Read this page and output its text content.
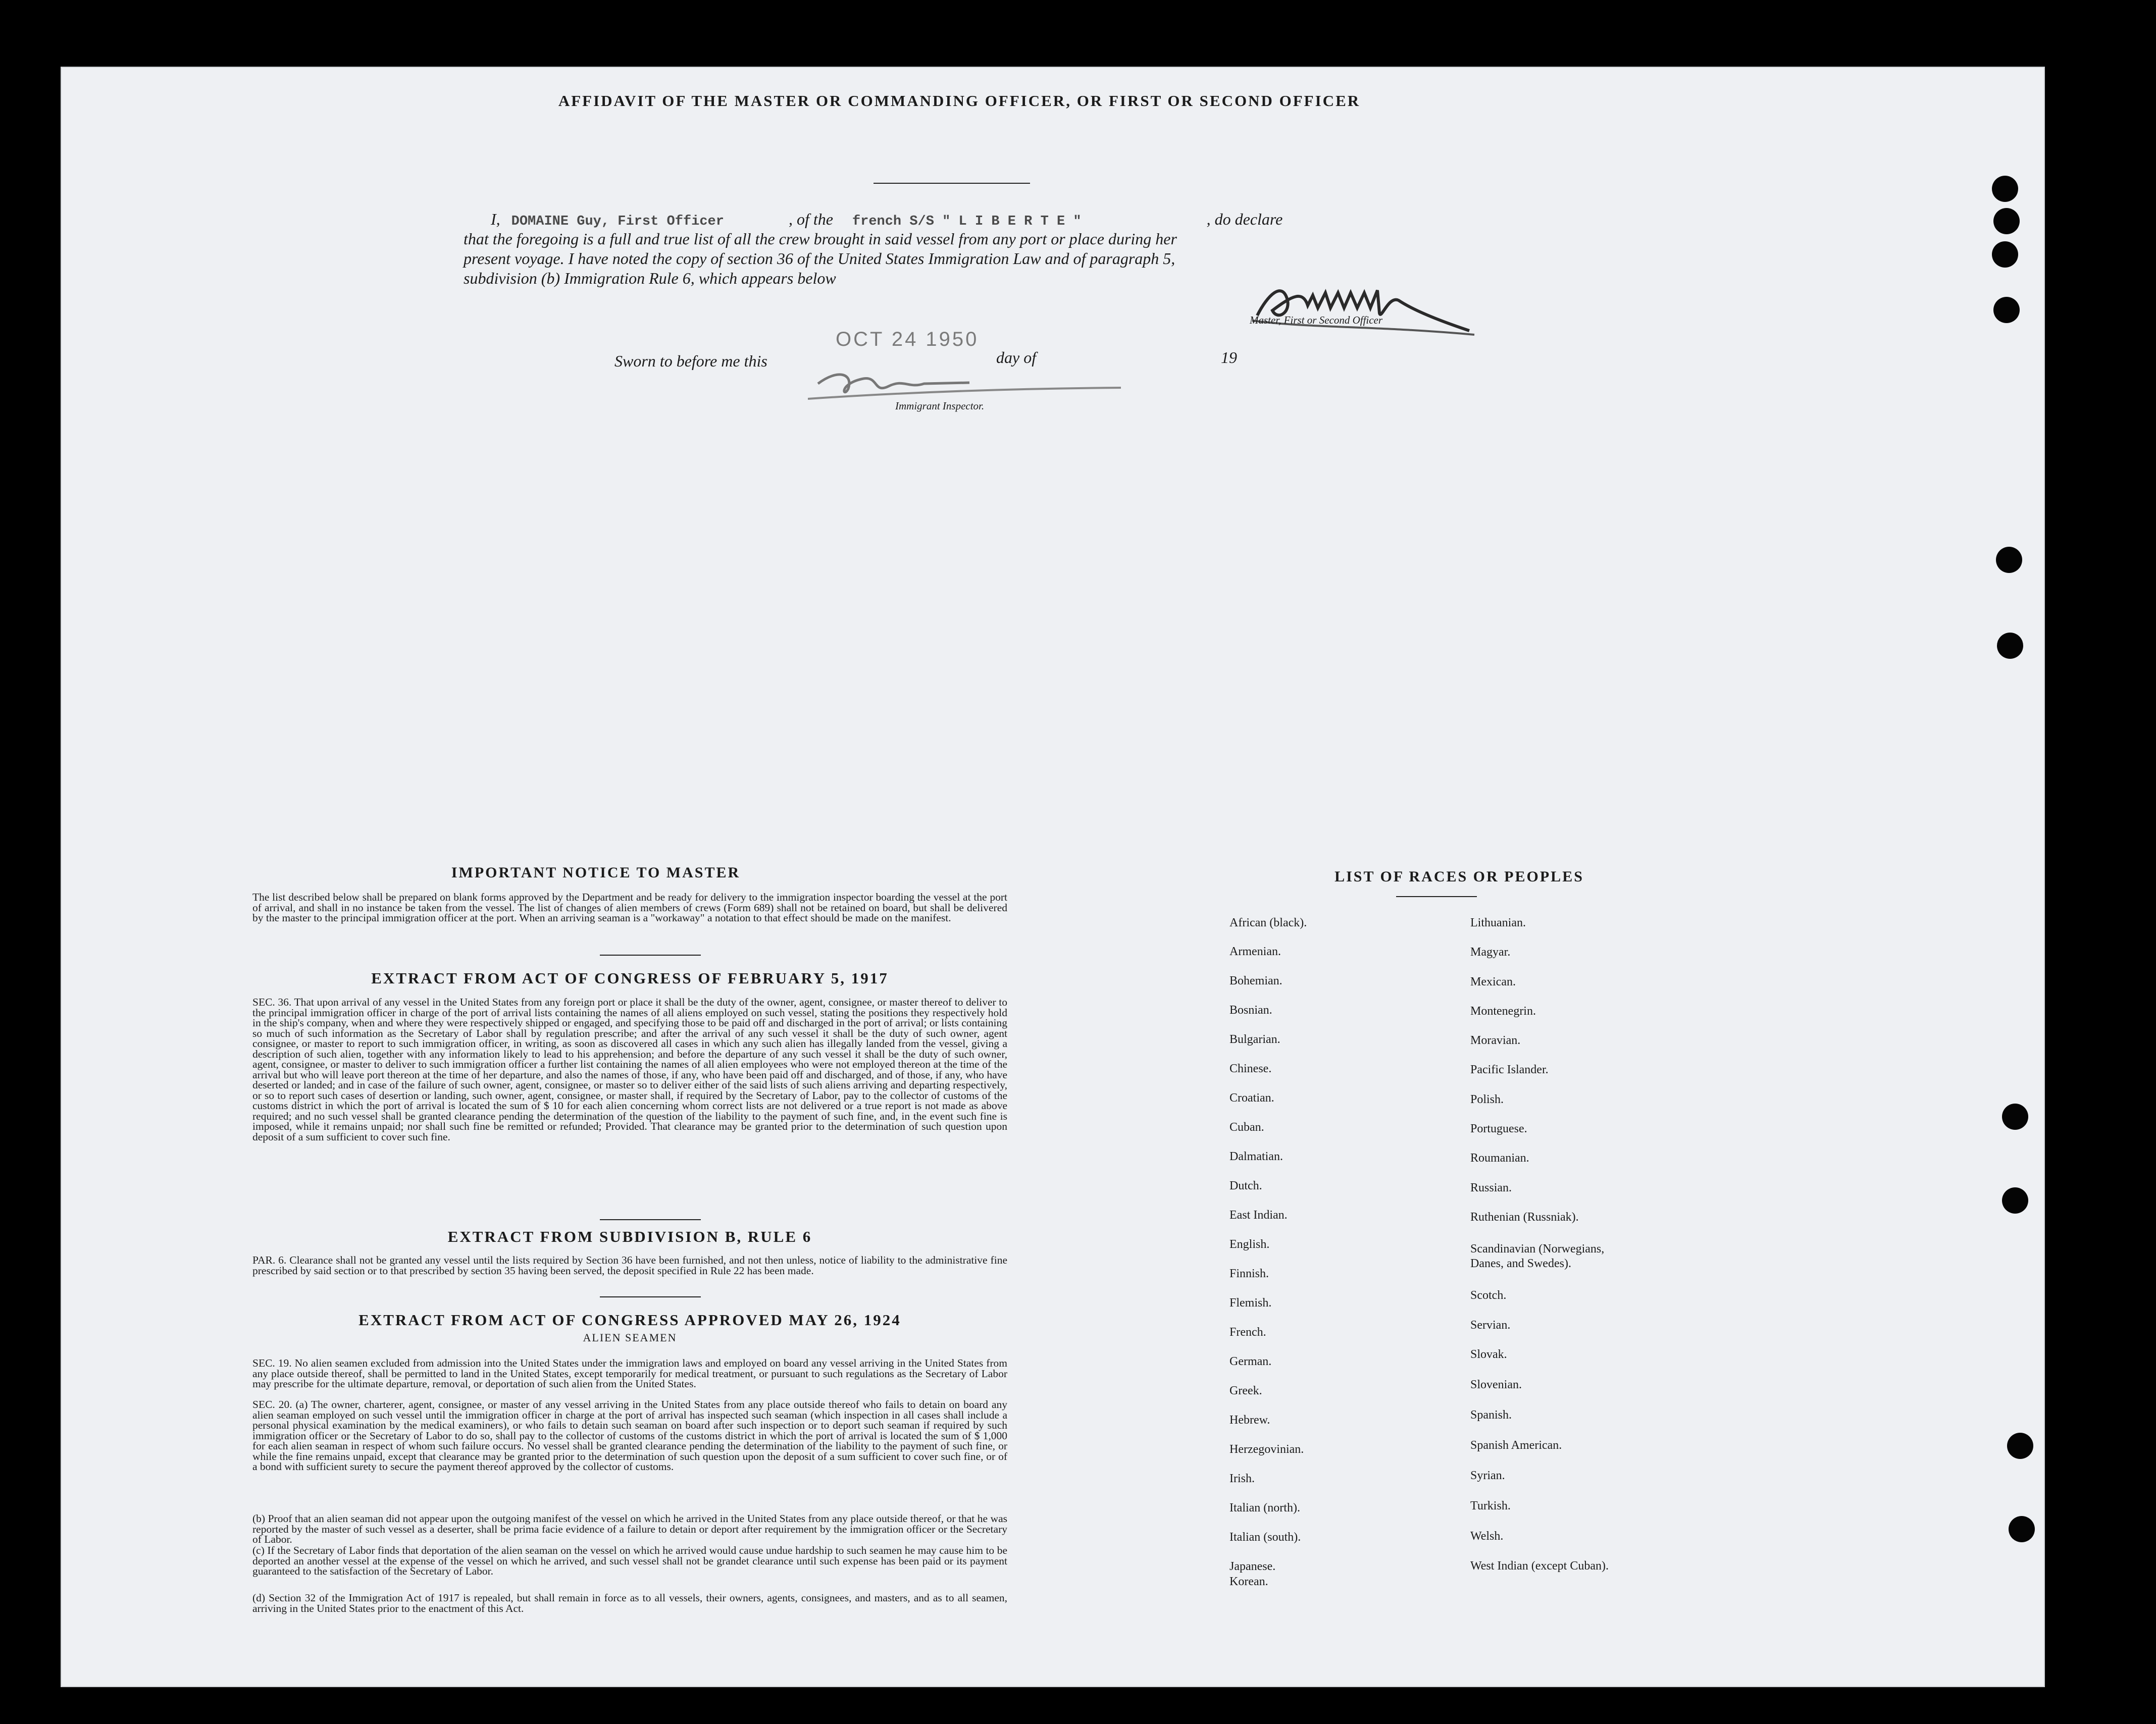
AFFIDAVIT OF THE MASTER OR COMMANDING OFFICER, OR FIRST OR SECOND OFFICER
I, DOMAINE Guy, First Officer	, of the french S/S " L I B E R T E "	, do declare
that the foregoing is a full and true list of all the crew brought in said vessel from any port or place during her
present voyage. I have noted the copy of section 36 of the United States Immigration Law and of paragraph 5,
subdivision (b) Immigration Rule 6, which appears below
Master, First or Second Officer
Sworn to before me this
OCT 24 1950
day of	19
Immigrant Inspector.
IMPORTANT NOTICE TO MASTER
The list described below shall be prepared on blank forms approved by the Department and be ready for delivery to the immigration inspector boarding the vessel at the port of arrival, and shall in no instance be taken from the vessel. The list of changes of alien members of crews (Form 689) shall not be retained on board, but shall be delivered by the master to the principal immigration officer at the port. When an arriving seaman is a "workaway" a notation to that effect should be made on the manifest.
EXTRACT FROM ACT OF CONGRESS OF FEBRUARY 5, 1917
SEC. 36. That upon arrival of any vessel in the United States from any foreign port or place it shall be the duty of the owner, agent, consignee, or master thereof to deliver to the principal immigration officer in charge of the port of arrival lists containing the names of all aliens employed on such vessel, stating the positions they respectively hold in the ship's company, when and where they were respectively shipped or engaged, and specifying those to be paid off and discharged in the port of arrival; or lists containing so much of such information as the Secretary of Labor shall by regulation prescribe; and after the arrival of any such vessel it shall be the duty of such owner, agent consignee, or master to report to such immigration officer, in writing, as soon as discovered all cases in which any such alien has illegally landed from the vessel, giving a description of such alien, together with any information likely to lead to his apprehension; and before the departure of any such vessel it shall be the duty of such owner, agent, consignee, or master to deliver to such immigration officer a further list containing the names of all alien employees who were not employed thereon at the time of the arrival but who will leave port thereon at the time of her departure, and also the names of those, if any, who have been paid off and discharged, and of those, if any, who have deserted or landed; and in case of the failure of such owner, agent, consignee, or master so to deliver either of the said lists of such aliens arriving and departing respectively, or so to report such cases of desertion or landing, such owner, agent, consignee, or master shall, if required by the Secretary of Labor, pay to the collector of customs of the customs district in which the port of arrival is located the sum of $ 10 for each alien concerning whom correct lists are not delivered or a true report is not made as above required; and no such vessel shall be granted clearance pending the determination of the question of the liability to the payment of such fine, and, in the event such fine is imposed, while it remains unpaid; nor shall such fine be remitted or refunded; Provided. That clearance may be granted prior to the determination of such question upon deposit of a sum sufficient to cover such fine.
EXTRACT FROM SUBDIVISION B, RULE 6
PAR. 6. Clearance shall not be granted any vessel until the lists required by Section 36 have been furnished, and not then unless, notice of liability to the administrative fine prescribed by said section or to that prescribed by section 35 having been served, the deposit specified in Rule 22 has been made.
EXTRACT FROM ACT OF CONGRESS APPROVED MAY 26, 1924
ALIEN SEAMEN
SEC. 19. No alien seamen excluded from admission into the United States under the immigration laws and employed on board any vessel arriving in the United States from any place outside thereof, shall be permitted to land in the United States, except temporarily for medical treatment, or pursuant to such regulations as the Secretary of Labor may prescribe for the ultimate departure, removal, or deportation of such alien from the United States.
SEC. 20. (a) The owner, charterer, agent, consignee, or master of any vessel arriving in the United States from any place outside thereof who fails to detain on board any alien seaman employed on such vessel until the immigration officer in charge at the port of arrival has inspected such seaman (which inspection in all cases shall include a personal physical examination by the medical examiners), or who fails to detain such seaman on board after such inspection or to deport such seaman if required by such immigration officer or the Secretary of Labor to do so, shall pay to the collector of customs of the customs district in which the port of arrival is located the sum of $ 1,000 for each alien seaman in respect of whom such failure occurs. No vessel shall be granted clearance pending the determination of the liability to the payment of such fine, or while the fine remains unpaid, except that clearance may be granted prior to the determination of such question upon the deposit of a sum sufficient to cover such fine, or of a bond with sufficient surety to secure the payment thereof approved by the collector of customs.
(b) Proof that an alien seaman did not appear upon the outgoing manifest of the vessel on which he arrived in the United States from any place outside thereof, or that he was reported by the master of such vessel as a deserter, shall be prima facie evidence of a failure to detain or deport after requirement by the immigration officer or the Secretary of Labor.
(c) If the Secretary of Labor finds that deportation of the alien seaman on the vessel on which he arrived would cause undue hardship to such seamen he may cause him to be deported an another vessel at the expense of the vessel on which he arrived, and such vessel shall not be grandet clearance until such expense has been paid or its payment guaranteed to the satisfaction of the Secretary of Labor.
(d) Section 32 of the Immigration Act of 1917 is repealed, but shall remain in force as to all vessels, their owners, agents, consignees, and masters, and as to all seamen, arriving in the United States prior to the enactment of this Act.
LIST OF RACES OR PEOPLES
African (black).
Armenian.
Bohemian.
Bosnian.
Bulgarian.
Chinese.
Croatian.
Cuban.
Dalmatian.
Dutch.
East Indian.
English.
Finnish.
Flemish.
French.
German.
Greek.
Hebrew.
Herzegovinian.
Irish.
Italian (north).
Italian (south).
Japanese.
Korean.
Lithuanian.
Magyar.
Mexican.
Montenegrin.
Moravian.
Pacific Islander.
Polish.
Portuguese.
Roumanian.
Russian.
Ruthenian (Russniak).
Scandinavian (Norwegians, Danes, and Swedes).
Scotch.
Servian.
Slovak.
Slovenian.
Spanish.
Spanish American.
Syrian.
Turkish.
Welsh.
West Indian (except Cuban).
